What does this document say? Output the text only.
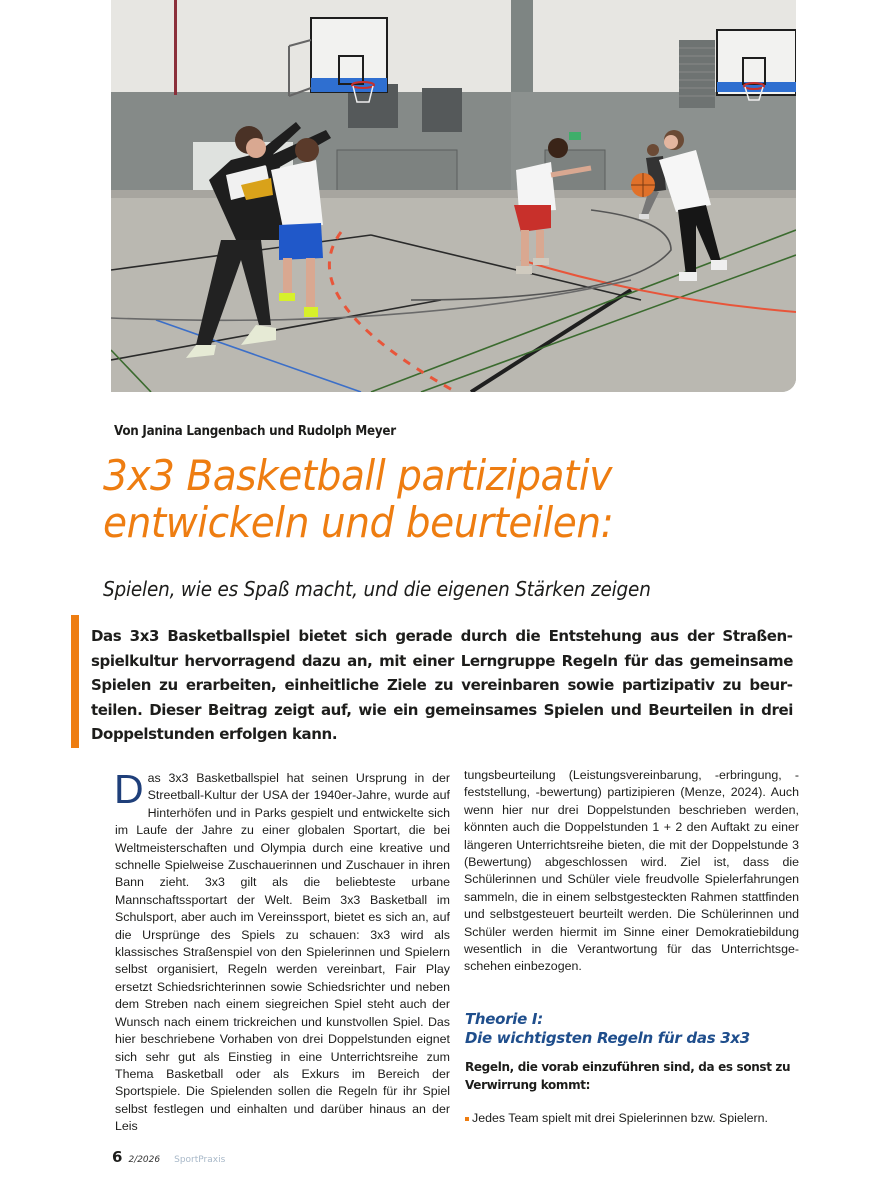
Von Janina Langenbach und Rudolph Meyer
3x3 Basketball partizipativ
entwickeln und beurteilen:
Spielen, wie es Spaß macht, und die eigenen Stärken zeigen

Das 3x3 Basketballspiel bietet sich gerade durch die Entstehung aus der Straßenspielkultur hervorragend dazu an, mit einer Lerngruppe Regeln für das gemeinsame Spielen zu erarbeiten, einheitliche Ziele zu vereinbaren sowie partizipativ zu beurteilen. Dieser Beitrag zeigt auf, wie ein gemeinsames Spielen und Beurteilen in drei Doppelstunden erfolgen kann.

D as 3x3 Basketballspiel hat seinen Ursprung in der Streetball-Kultur der USA der 1940er-Jahre, wurde auf Hinterhöfen und in Parks gespielt und entwickelte sich im Laufe der Jahre zu einer globalen Sportart, die bei Weltmeisterschaften und Olympia durch eine kreative und schnelle Spielweise Zuschauerinnen und Zuschauer in ihren Bann zieht. 3x3 gilt als die beliebteste urbane Mannschaftssportart der Welt. Beim 3x3 Basketball im Schulsport, aber auch im Vereinssport, bietet es sich an, auf die Ursprünge des Spiels zu schauen: 3x3 wird als klassisches Straßenspiel von den Spielerinnen und Spielern selbst organisiert, Regeln werden vereinbart, Fair Play ersetzt Schiedsrichterinnen sowie Schiedsrichter und neben dem Streben nach einem siegreichen Spiel steht auch der Wunsch nach einem trickreichen und kunstvollen Spiel. Das hier beschriebene Vorhaben von drei Doppelstunden eignet sich sehr gut als Einstieg in eine Unterrichtsreihe zum Thema Basketball oder als Exkurs im Bereich der Sportspiele. Die Spielenden sollen die Regeln für ihr Spiel selbst festlegen und einhalten und darüber hinaus an der Leis
tungsbeurteilung (Leistungsvereinbarung, -erbringung, -feststellung, -bewertung) partizipieren (Menze, 2024). Auch wenn hier nur drei Doppelstunden beschrieben werden, könnten auch die Doppelstunden 1 + 2 den Auftakt zu einer längeren Unterrichtsreihe bieten, die mit der Doppelstunde 3 (Bewertung) abgeschlossen wird. Ziel ist, dass die Schülerinnen und Schüler viele freudvolle Spielerfahrungen sammeln, die in einem selbstgesteckten Rahmen stattfinden und selbstgesteuert beurteilt werden. Die Schülerinnen und Schüler werden hiermit im Sinne einer Demokratiebildung wesentlich in die Verantwortung für das Unterrichtsgeschehen einbezogen.
Theorie I:
Die wichtigsten Regeln für das 3x3

Regeln, die vorab einzuführen sind, da es sonst zu Verwirrung kommt:

Jedes Team spielt mit drei Spielerinnen bzw. Spielern.
6 2/2026 SportPraxis
